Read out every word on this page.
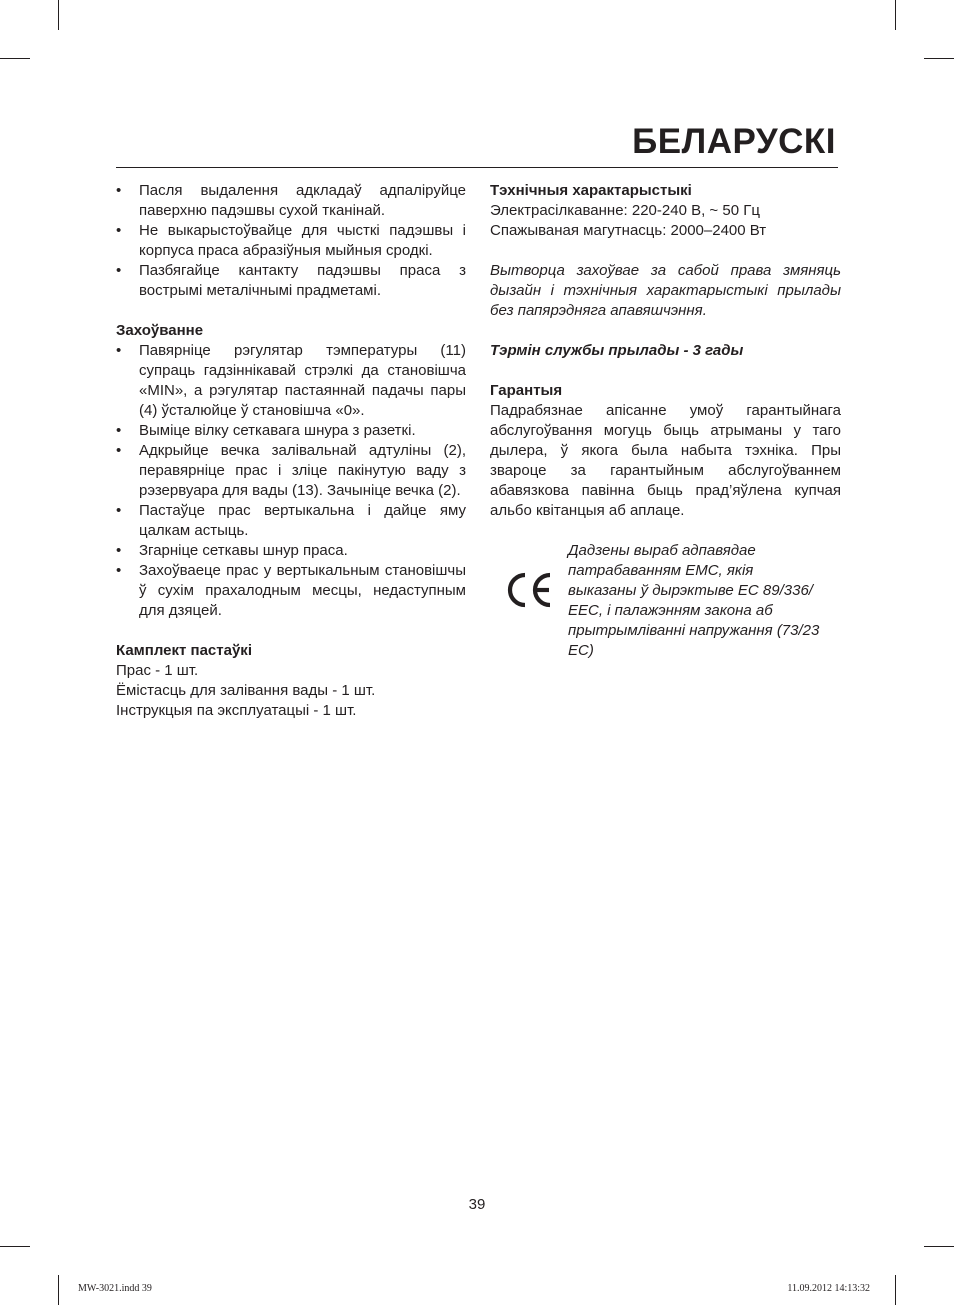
БЕЛАРУСКІ
• Пасля выдалення адкладаў адпаліруйце паверхню падэшвы сухой тканінай.
• Не выкарыстоўвайце для чысткі падэшвы і корпуса праса абразіўныя мыйныя сродкі.
• Пазбягайце кантакту падэшвы праса з вострымі металічнымі прадметамі.

Захоўванне

• Павярніце рэгулятар тэмпературы (11) супраць гадзіннікавай стрэлкі да становішча «MIN», а рэгулятар пастаяннай падачы пары (4) ўсталюйце ў становішча «0».
• Выміце вілку сеткавага шнура з разеткі.
• Адкрыйце вечка залівальнай адтуліны (2), перавярніце прас і зліце пакінутую ваду з рэзервуара для вады (13). Зачыніце вечка (2).
• Пастаўце прас вертыкальна і дайце яму цалкам астыць.
• Згарніце сеткавы шнур праса.
• Захоўваеце прас у вертыкальным становішчы ў сухім прахалодным месцы, недаступным для дзяцей.

Камплект пастаўкі

Прас - 1 шт.

Ёмістасць для залівання вады - 1 шт.

Інструкцыя па эксплуатацыі - 1 шт.

Тэхнічныя характарыстыкі

Электрасілкаванне: 220-240 В, ~ 50 Гц

Спажываная магутнасць: 2000–2400 Вт

Вытворца захоўвае за сабой права змяняць дызайн і тэхнічныя характарыстыкі прылады без папярэдняга апавяшчэння.

Тэрмін службы прылады - 3 гады

Гарантыя

Падрабязнае апісанне умоў гарантыйнага абслугоўвання могуць быць атрыманы у таго дылера, ў якога была набыта тэхніка. Пры звароце за гарантыйным абслугоўваннем абавязкова павінна быць прад’яўлена купчая альбо квітанцыя аб аплаце.

Дадзены выраб адпавядае
патрабаванням ЕМС, якія
выказаны ў дырэктыве ЕС 89/336/
ЕЕС, і палажэнням закона аб
прытрымліванні напружання (73/23
ЕС)
39
MW-3021.indd 39	11.09.2012 14:13:32
